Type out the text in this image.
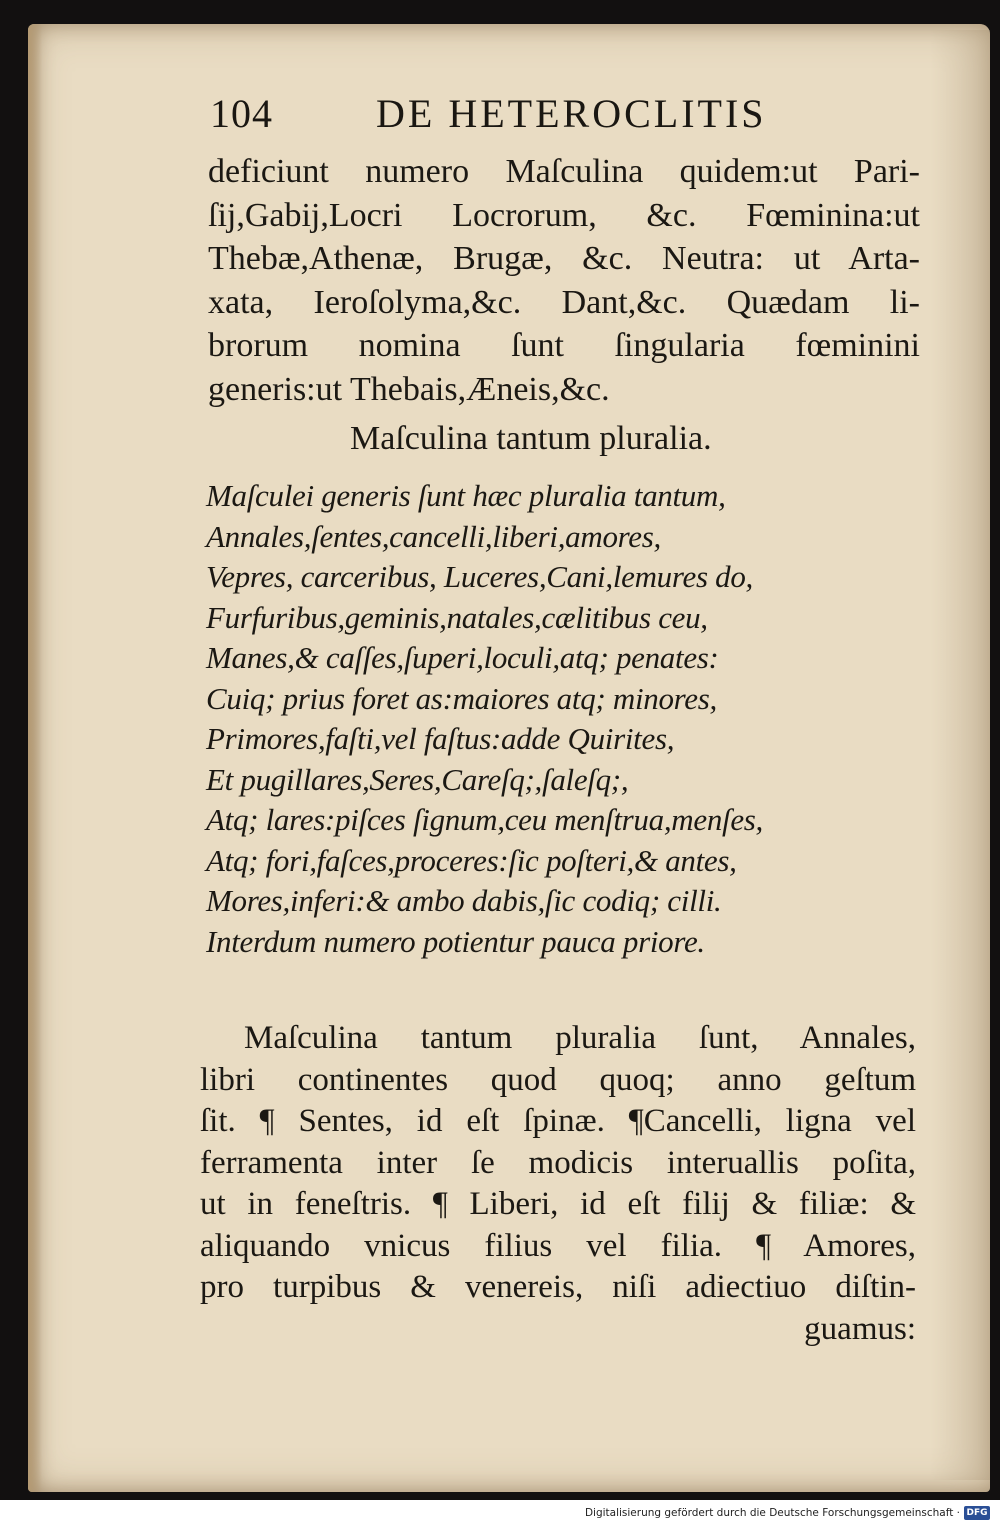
104	DE HETEROCLITIS
deficiunt numero Maſculina quidem:ut Pari-
ſij,Gabij,Locri Locrorum, &c. Fœminina:ut
Thebæ,Athenæ, Brugæ, &c. Neutra: ut Arta-
xata, Ieroſolyma,&c. Dant,&c. Quædam li-
brorum nomina ſunt ſingularia fœminini
generis:ut Thebais,Æneis,&c.
Maſculina tantum pluralia.
Maſculei generis ſunt hæc pluralia tantum,
Annales,ſentes,cancelli,liberi,amores,
Vepres, carceribus, Luceres,Cani,lemures do,
Furfuribus,geminis,natales,cælitibus ceu,
Manes,& caſſes,ſuperi,loculi,atq; penates:
Cuiq; prius foret as:maiores atq; minores,
Primores,faſti,vel faſtus:adde Quirites,
Et pugillares,Seres,Careſq;,ſaleſq;,
Atq; lares:piſces ſignum,ceu menſtrua,menſes,
Atq; fori,faſces,proceres:ſic poſteri,& antes,
Mores,inferi:& ambo dabis,ſic codiq; cilli.
Interdum numero potientur pauca priore.
Maſculina tantum pluralia ſunt, Annales,
libri continentes quod quoq; anno geſtum
ſit. ¶ Sentes, id eſt ſpinæ. ¶Cancelli, ligna vel
ferramenta inter ſe modicis interuallis poſita,
ut in feneſtris. ¶ Liberi, id eſt filij & filiæ: &
aliquando vnicus filius vel filia. ¶ Amores,
pro turpibus & venereis, niſi adiectiuo diſtin-
guamus:
Digitalisierung gefördert durch die Deutsche Forschungsgemeinschaft · DFG
